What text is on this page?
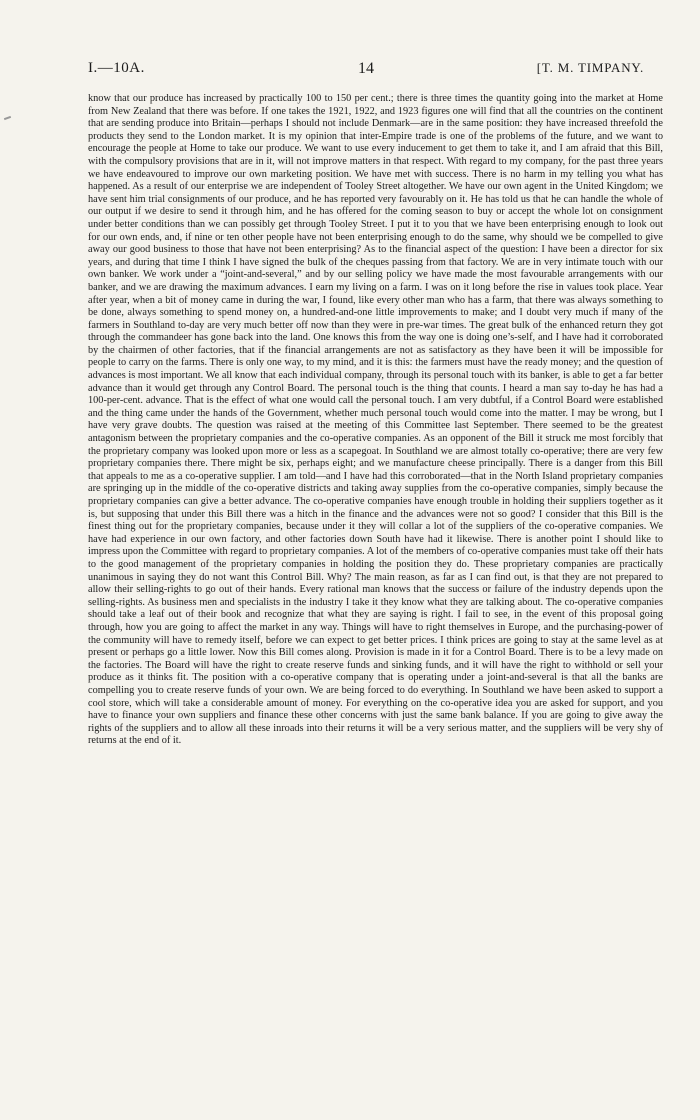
I.—10A.	14	[T. M. TIMPANY.

know that our produce has increased by practically 100 to 150 per cent.; there is three times the quantity going into the market at Home from New Zealand that there was before. If one takes the 1921, 1922, and 1923 figures one will find that all the countries on the continent that are sending produce into Britain—perhaps I should not include Denmark—are in the same position: they have increased threefold the products they send to the London market. It is my opinion that inter-Empire trade is one of the problems of the future, and we want to encourage the people at Home to take our produce. We want to use every inducement to get them to take it, and I am afraid that this Bill, with the compulsory provisions that are in it, will not improve matters in that respect. With regard to my company, for the past three years we have endeavoured to improve our own marketing position. We have met with success. There is no harm in my telling you what has happened. As a result of our enterprise we are independent of Tooley Street altogether. We have our own agent in the United Kingdom; we have sent him trial consignments of our produce, and he has reported very favourably on it. He has told us that he can handle the whole of our output if we desire to send it through him, and he has offered for the coming season to buy or accept the whole lot on consignment under better conditions than we can possibly get through Tooley Street. I put it to you that we have been enterprising enough to look out for our own ends, and, if nine or ten other people have not been enterprising enough to do the same, why should we be compelled to give away our good business to those that have not been enterprising? As to the financial aspect of the question: I have been a director for six years, and during that time I think I have signed the bulk of the cheques passing from that factory. We are in very intimate touch with our own banker. We work under a “joint-and-several,” and by our selling policy we have made the most favourable arrangements with our banker, and we are drawing the maximum advances. I earn my living on a farm. I was on it long before the rise in values took place. Year after year, when a bit of money came in during the war, I found, like every other man who has a farm, that there was always something to be done, always something to spend money on, a hundred-and-one little improvements to make; and I doubt very much if many of the farmers in Southland to-day are very much better off now than they were in pre-war times. The great bulk of the enhanced return they got through the commandeer has gone back into the land. One knows this from the way one is doing one’s-self, and I have had it corroborated by the chairmen of other factories, that if the financial arrangements are not as satisfactory as they have been it will be impossible for people to carry on the farms. There is only one way, to my mind, and it is this: the farmers must have the ready money; and the question of advances is most important. We all know that each individual company, through its personal touch with its banker, is able to get a far better advance than it would get through any Control Board. The personal touch is the thing that counts. I heard a man say to-day he has had a 100-per-cent. advance. That is the effect of what one would call the personal touch. I am very dubtful, if a Control Board were established and the thing came under the hands of the Government, whether much personal touch would come into the matter. I may be wrong, but I have very grave doubts. The question was raised at the meeting of this Committee last September. There seemed to be the greatest antagonism between the proprietary companies and the co-operative companies. As an opponent of the Bill it struck me most forcibly that the proprietary company was looked upon more or less as a scapegoat. In Southland we are almost totally co-operative; there are very few proprietary companies there. There might be six, perhaps eight; and we manufacture cheese principally. There is a danger from this Bill that appeals to me as a co-operative supplier. I am told—and I have had this corroborated—that in the North Island proprietary companies are springing up in the middle of the co-operative districts and taking away supplies from the co-operative companies, simply because the proprietary companies can give a better advance. The co-operative companies have enough trouble in holding their suppliers together as it is, but supposing that under this Bill there was a hitch in the finance and the advances were not so good? I consider that this Bill is the finest thing out for the proprietary companies, because under it they will collar a lot of the suppliers of the co-operative companies. We have had experience in our own factory, and other factories down South have had it likewise. There is another point I should like to impress upon the Committee with regard to proprietary companies. A lot of the members of co-operative companies must take off their hats to the good management of the proprietary companies in holding the position they do. These proprietary companies are practically unanimous in saying they do not want this Control Bill. Why? The main reason, as far as I can find out, is that they are not prepared to allow their selling-rights to go out of their hands. Every rational man knows that the success or failure of the industry depends upon the selling-rights. As business men and specialists in the industry I take it they know what they are talking about. The co-operative companies should take a leaf out of their book and recognize that what they are saying is right. I fail to see, in the event of this proposal going through, how you are going to affect the market in any way. Things will have to right themselves in Europe, and the purchasing-power of the community will have to remedy itself, before we can expect to get better prices. I think prices are going to stay at the same level as at present or perhaps go a little lower. Now this Bill comes along. Provision is made in it for a Control Board. There is to be a levy made on the factories. The Board will have the right to create reserve funds and sinking funds, and it will have the right to withhold or sell your produce as it thinks fit. The position with a co-operative company that is operating under a joint-and-several is that all the banks are compelling you to create reserve funds of your own. We are being forced to do everything. In Southland we have been asked to support a cool store, which will take a considerable amount of money. For everything on the co-operative idea you are asked for support, and you have to finance your own suppliers and finance these other concerns with just the same bank balance. If you are going to give away the rights of the suppliers and to allow all these inroads into their returns it will be a very serious matter, and the suppliers will be very shy of returns at the end of it.
